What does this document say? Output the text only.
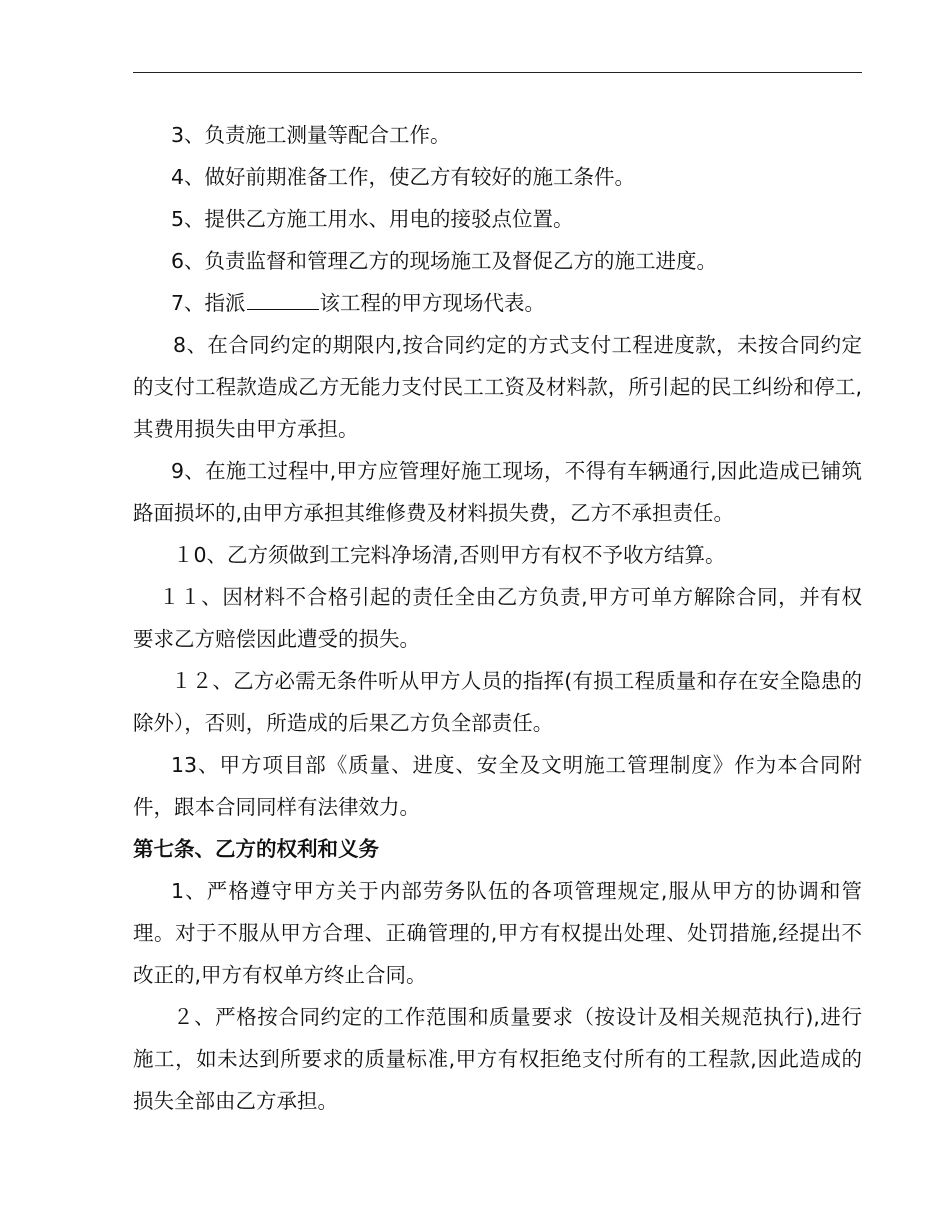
3、负责施工测量等配合工作。

4、做好前期准备工作，使乙方有较好的施工条件。

5、提供乙方施工用水、用电的接驳点位置。

6、负责监督和管理乙方的现场施工及督促乙方的施工进度。

7、指派	该工程的甲方现场代表。

8、在合同约定的期限内,按合同约定的方式支付工程进度款，未按合同约定的支付工程款造成乙方无能力支付民工工资及材料款，所引起的民工纠纷和停工,其费用损失由甲方承担。

9、在施工过程中,甲方应管理好施工现场，不得有车辆通行,因此造成已铺筑路面损坏的,由甲方承担其维修费及材料损失费，乙方不承担责任。

１0、乙方须做到工完料净场清,否则甲方有权不予收方结算。

１１、因材料不合格引起的责任全由乙方负责,甲方可单方解除合同，并有权要求乙方赔偿因此遭受的损失。

１２、乙方必需无条件听从甲方人员的指挥(有损工程质量和存在安全隐患的除外），否则，所造成的后果乙方负全部责任。

13、甲方项目部《质量、进度、安全及文明施工管理制度》作为本合同附件，跟本合同同样有法律效力。

第七条、乙方的权利和义务

1、严格遵守甲方关于内部劳务队伍的各项管理规定,服从甲方的协调和管理。对于不服从甲方合理、正确管理的,甲方有权提出处理、处罚措施,经提出不改正的,甲方有权单方终止合同。

２、严格按合同约定的工作范围和质量要求（按设计及相关规范执行),进行施工，如未达到所要求的质量标准,甲方有权拒绝支付所有的工程款,因此造成的损失全部由乙方承担。
